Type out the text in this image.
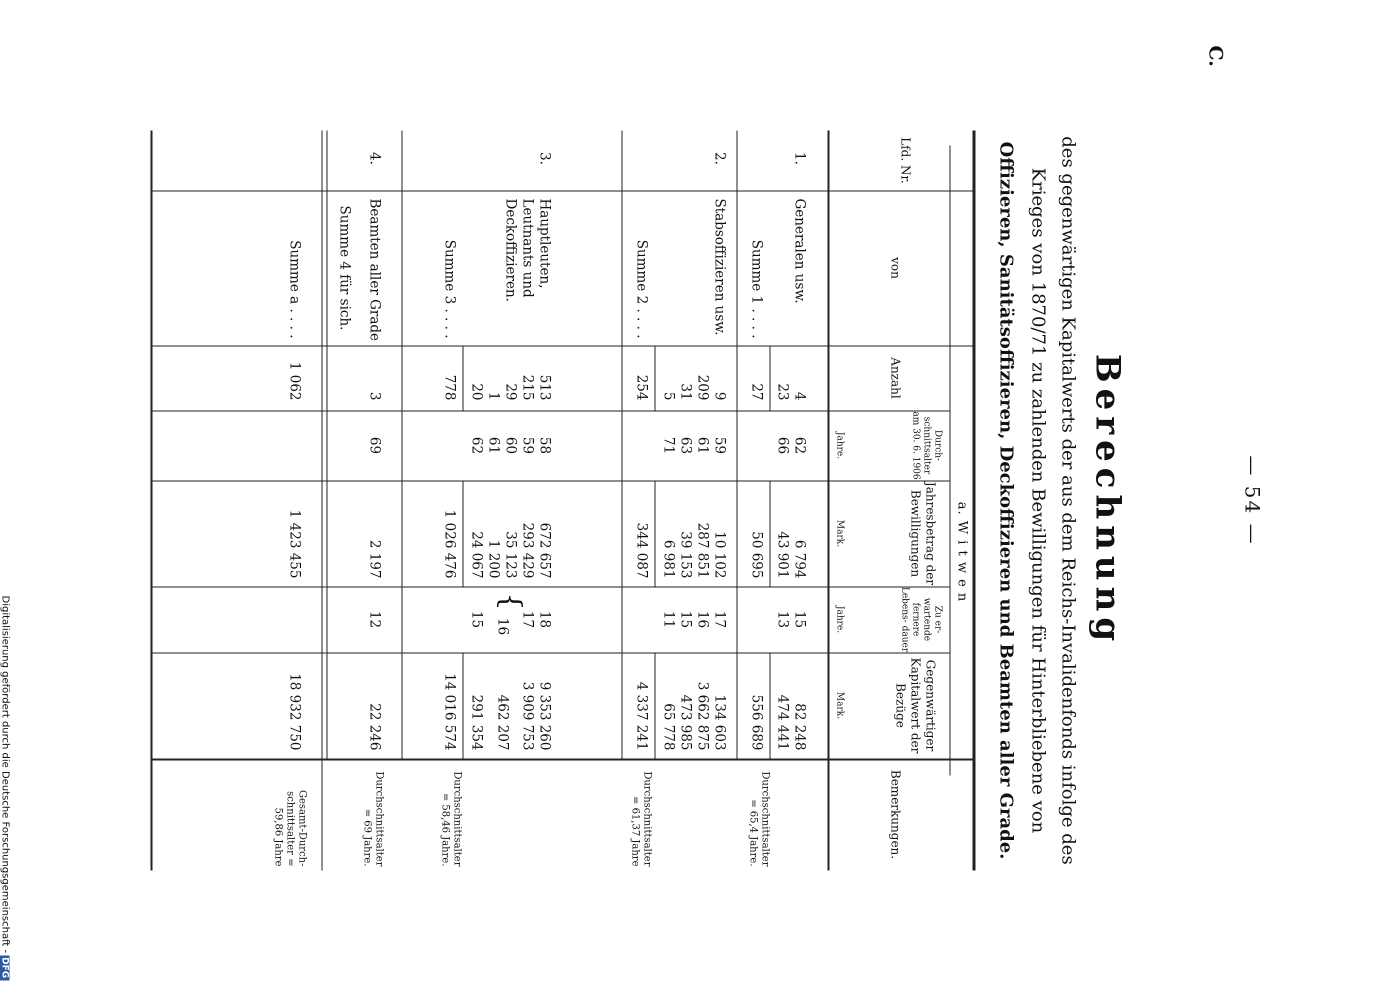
C.
— 54 —
Berechnung
des gegenwärtigen Kapitalwerts der aus dem Reichs-Invalidenfonds infolge des
Krieges von 1870/71 zu zahlenden Bewilligungen für Hinterbliebene von
Offizieren, Sanitätsoffizieren, Deckoffizieren und Beamten aller Grade.
a. W i t w e n
Lfd. Nr.
von
Anzahl
Durch- schnittsalter am 30. 6. 1906
Jahre.
Jahresbetrag der Bewilligungen
Mark.
Zu er- wartende fernere Lebens- dauer
Jahre.
Gegenwärtiger Kapitalwert der Bezüge
Mark.
Bemerkungen.
1.
Generalen usw.
4
62
6 794
15
82 248
23
66
43 901
13
474 441
Summe 1 . . . .
27
50 695
556 689
Durchschnittsalter = 65,4 Jahre.
2.
Stabsoffizieren usw.
9
59
10 102
17
134 603
209
61
287 851
16
3 662 875
31
63
39 153
15
473 985
5
71
6 981
11
65 778
Summe 2 . . . .
254
344 087
4 337 241
Durchschnittsalter = 61,37 Jahre
3.
Hauptleuten, Leutnants und Deckoffizieren.
513
58
672 657
18
9 353 260
215
59
293 429
17
3 909 753
29
60
35 123
{
1
61
1 200
16
462 207
20
62
24 067
15
291 354
Summe 3 . . . .
778
1 026 476
14 016 574
Durchschnittsalter = 58,46 Jahre.
4.
Beamten aller Grade
3
69
2 197
12
22 246
Durchschnittsalter = 69 Jahre.
Summe 4 für sich.
Summe a . . . .
1 062
1 423 455
18 932 750
Gesamt-Durch- schnittsalter = 59,86 Jahre
Digitalisierung gefördert durch die Deutsche Forschungsgemeinschaft -DFG
